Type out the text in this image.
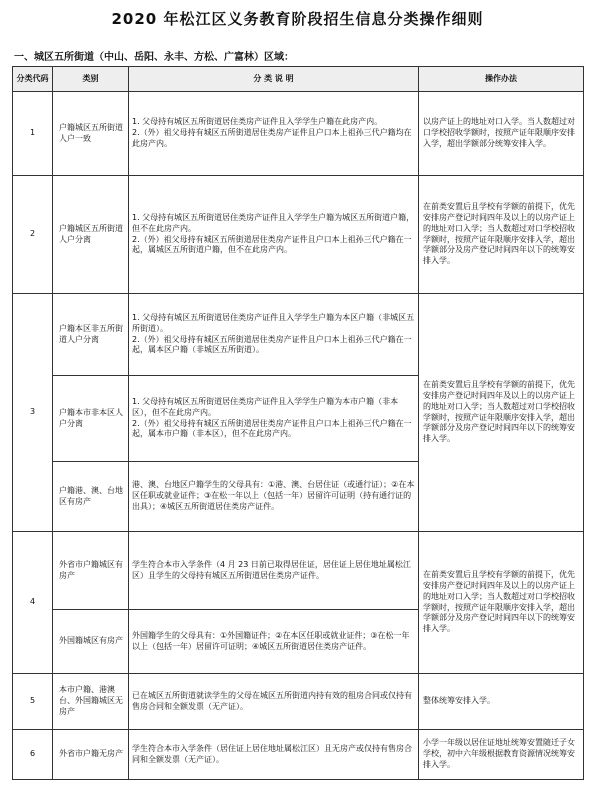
2020 年松江区义务教育阶段招生信息分类操作细则
一、城区五所街道（中山、岳阳、永丰、方松、广富林）区域：
分类代码	类别	分 类 说 明	操作办法
1	户籍城区五所街道人户一致	1. 父母持有城区五所街道居住类房产证件且入学学生户籍在此房产内。

2.（外）祖父母持有城区五所街道居住类房产证件且户口本上祖孙三代户籍均在此房产内。	以房产证上的地址对口入学。当人数超过对口学校招收学额时，按照产证年限顺序安排入学，超出学额部分统筹安排入学。
2	户籍城区五所街道人户分离	1. 父母持有城区五所街道居住类房产证件且入学学生户籍为城区五所街道户籍，但不在此房产内。

2.（外）祖父母持有城区五所街道居住类房产证件且户口本上祖孙三代户籍在一起，属城区五所街道户籍，但不在此房产内。	在前类安置后且学校有学额的前提下，优先安排房产登记时间四年及以上的以房产证上的地址对口入学；当人数超过对口学校招收学额时，按照产证年限顺序安排入学，超出学额部分及房产登记时间四年以下的统筹安排入学。
3	户籍本区非五所街道人户分离	1. 父母持有城区五所街道居住类房产证件且入学学生户籍为本区户籍（非城区五所街道）。

2.（外）祖父母持有城区五所街道居住类房产证件且户口本上祖孙三代户籍在一起，属本区户籍（非城区五所街道）。	在前类安置后且学校有学额的前提下，优先安排房产登记时间四年及以上的以房产证上的地址对口入学；当人数超过对口学校招收学额时，按照产证年限顺序安排入学，超出学额部分及房产登记时间四年以下的统筹安排入学。
	户籍本市非本区人户分离	1. 父母持有城区五所街道居住类房产证件且入学学生户籍为本市户籍（非本区），但不在此房产内。

2.（外）祖父母持有城区五所街道居住类房产证件且户口本上祖孙三代户籍在一起，属本市户籍（非本区），但不在此房产内。	

	户籍港、澳、台地区有房产	港、澳、台地区户籍学生的父母具有：①港、澳、台居住证（或通行证）；②在本区任职或就业证件；③在松一年以上（包括一年）居留许可证明（持有通行证的出具）；④城区五所街道居住类房产证件。	

4	外省市户籍城区有房产	学生符合本市入学条件（4 月 23 日前已取得居住证，居住证上居住地址属松江区）且学生的父母持有城区五所街道居住类房产证件。	在前类安置后且学校有学额的前提下，优先安排房产登记时间四年及以上的以房产证上的地址对口入学；当人数超过对口学校招收学额时，按照产证年限顺序安排入学，超出学额部分及房产登记时间四年以下的统筹安排入学。
	外国籍城区有房产	外国籍学生的父母具有：①外国籍证件；②在本区任职或就业证件；③在松一年以上（包括一年）居留许可证明；④城区五所街道居住类房产证件。	

5	本市户籍、港澳台、外国籍城区无房产	已在城区五所街道就读学生的父母在城区五所街道内持有效的租房合同或仅持有售房合同和全额发票（无产证）。	整体统筹安排入学。
6	外省市户籍无房产	学生符合本市入学条件（居住证上居住地址属松江区）且无房产或仅持有售房合同和全额发票（无产证）。	小学一年级以居住证地址统筹安置随迁子女学校，初中六年级根据教育资源情况统筹安排入学。
